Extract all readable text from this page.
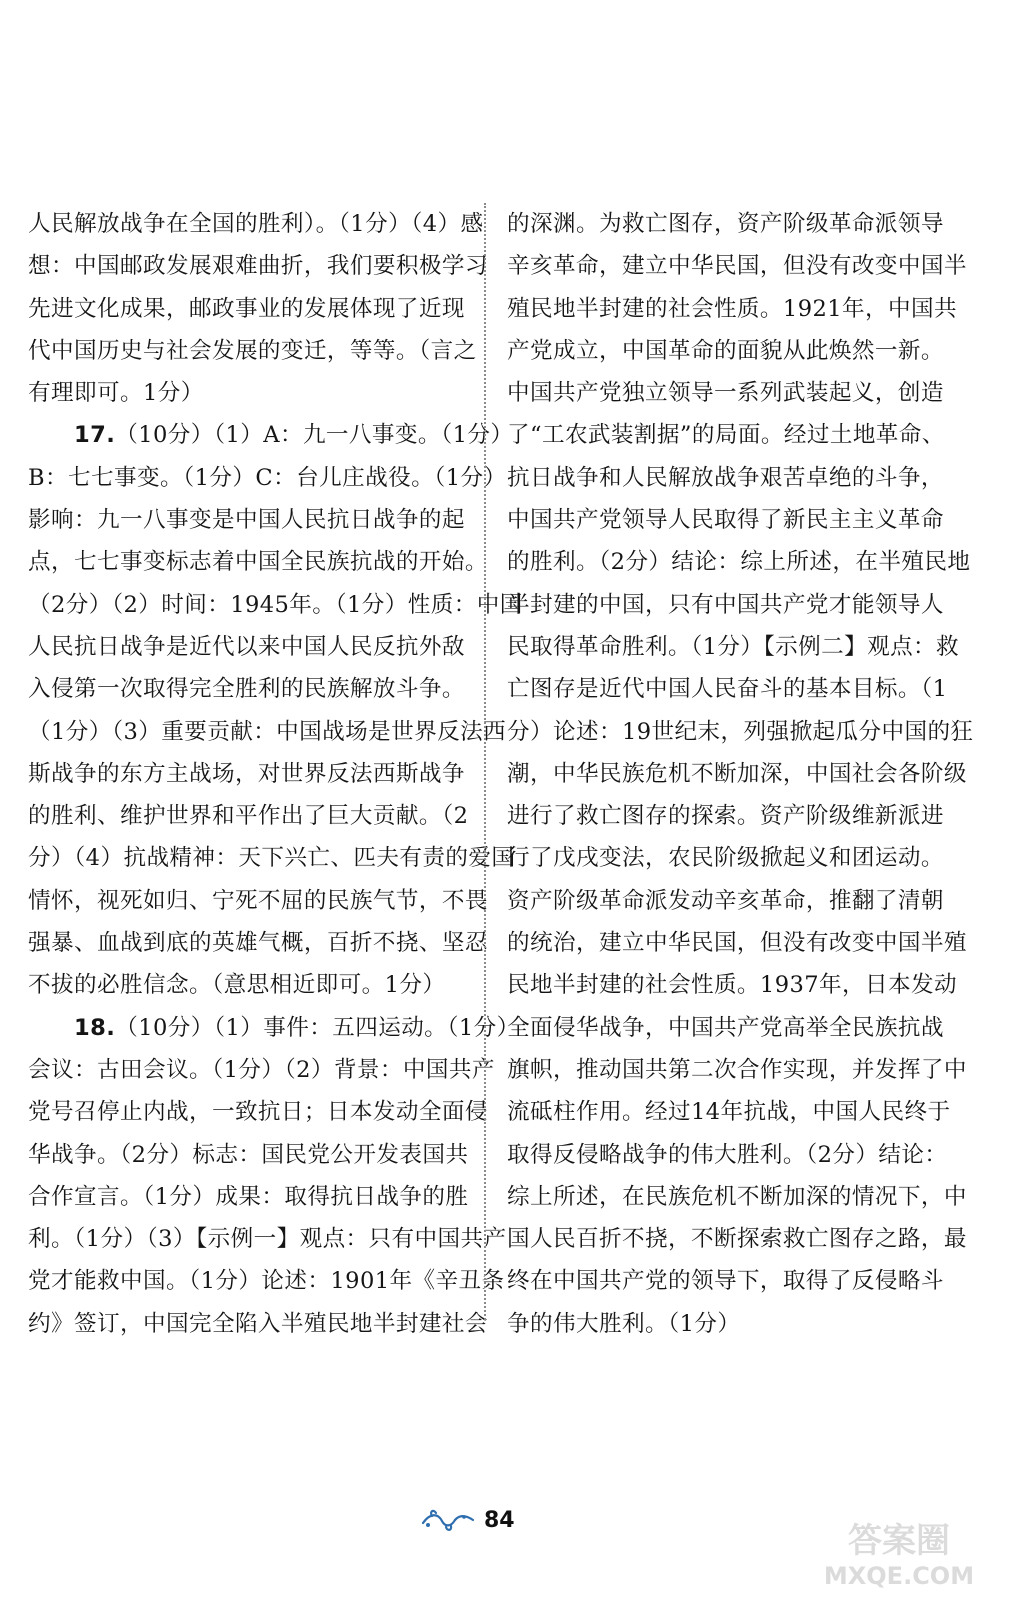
人民解放战争在全国的胜利）。（1分）（4）感
想：中国邮政发展艰难曲折，我们要积极学习
先进文化成果，邮政事业的发展体现了近现
代中国历史与社会发展的变迁，等等。（言之
有理即可。1分）
17.（10分）（1）A：九一八事变。（1分）
B：七七事变。（1分）C：台儿庄战役。（1分）
影响：九一八事变是中国人民抗日战争的起
点，七七事变标志着中国全民族抗战的开始。
（2分）（2）时间：1945年。（1分）性质：中国
人民抗日战争是近代以来中国人民反抗外敌
入侵第一次取得完全胜利的民族解放斗争。
（1分）（3）重要贡献：中国战场是世界反法西
斯战争的东方主战场，对世界反法西斯战争
的胜利、维护世界和平作出了巨大贡献。（2
分）（4）抗战精神：天下兴亡、匹夫有责的爱国
情怀，视死如归、宁死不屈的民族气节，不畏
强暴、血战到底的英雄气概，百折不挠、坚忍
不拔的必胜信念。（意思相近即可。1分）
18.（10分）（1）事件：五四运动。（1分）
会议：古田会议。（1分）（2）背景：中国共产
党号召停止内战，一致抗日；日本发动全面侵
华战争。（2分）标志：国民党公开发表国共
合作宣言。（1分）成果：取得抗日战争的胜
利。（1分）（3）【示例一】观点：只有中国共产
党才能救中国。（1分）论述：1901年《辛丑条
约》签订，中国完全陷入半殖民地半封建社会
的深渊。为救亡图存，资产阶级革命派领导
辛亥革命，建立中华民国，但没有改变中国半
殖民地半封建的社会性质。1921年，中国共
产党成立，中国革命的面貌从此焕然一新。
中国共产党独立领导一系列武装起义，创造
了“工农武装割据”的局面。经过土地革命、
抗日战争和人民解放战争艰苦卓绝的斗争，
中国共产党领导人民取得了新民主主义革命
的胜利。（2分）结论：综上所述，在半殖民地
半封建的中国，只有中国共产党才能领导人
民取得革命胜利。（1分）【示例二】观点：救
亡图存是近代中国人民奋斗的基本目标。（1
分）论述：19世纪末，列强掀起瓜分中国的狂
潮，中华民族危机不断加深，中国社会各阶级
进行了救亡图存的探索。资产阶级维新派进
行了戊戌变法，农民阶级掀起义和团运动。
资产阶级革命派发动辛亥革命，推翻了清朝
的统治，建立中华民国，但没有改变中国半殖
民地半封建的社会性质。1937年，日本发动
全面侵华战争，中国共产党高举全民族抗战
旗帜，推动国共第二次合作实现，并发挥了中
流砥柱作用。经过14年抗战，中国人民终于
取得反侵略战争的伟大胜利。（2分）结论：
综上所述，在民族危机不断加深的情况下，中
国人民百折不挠，不断探索救亡图存之路，最
终在中国共产党的领导下，取得了反侵略斗
争的伟大胜利。（1分）
84
答案圈
MXQE.COM
